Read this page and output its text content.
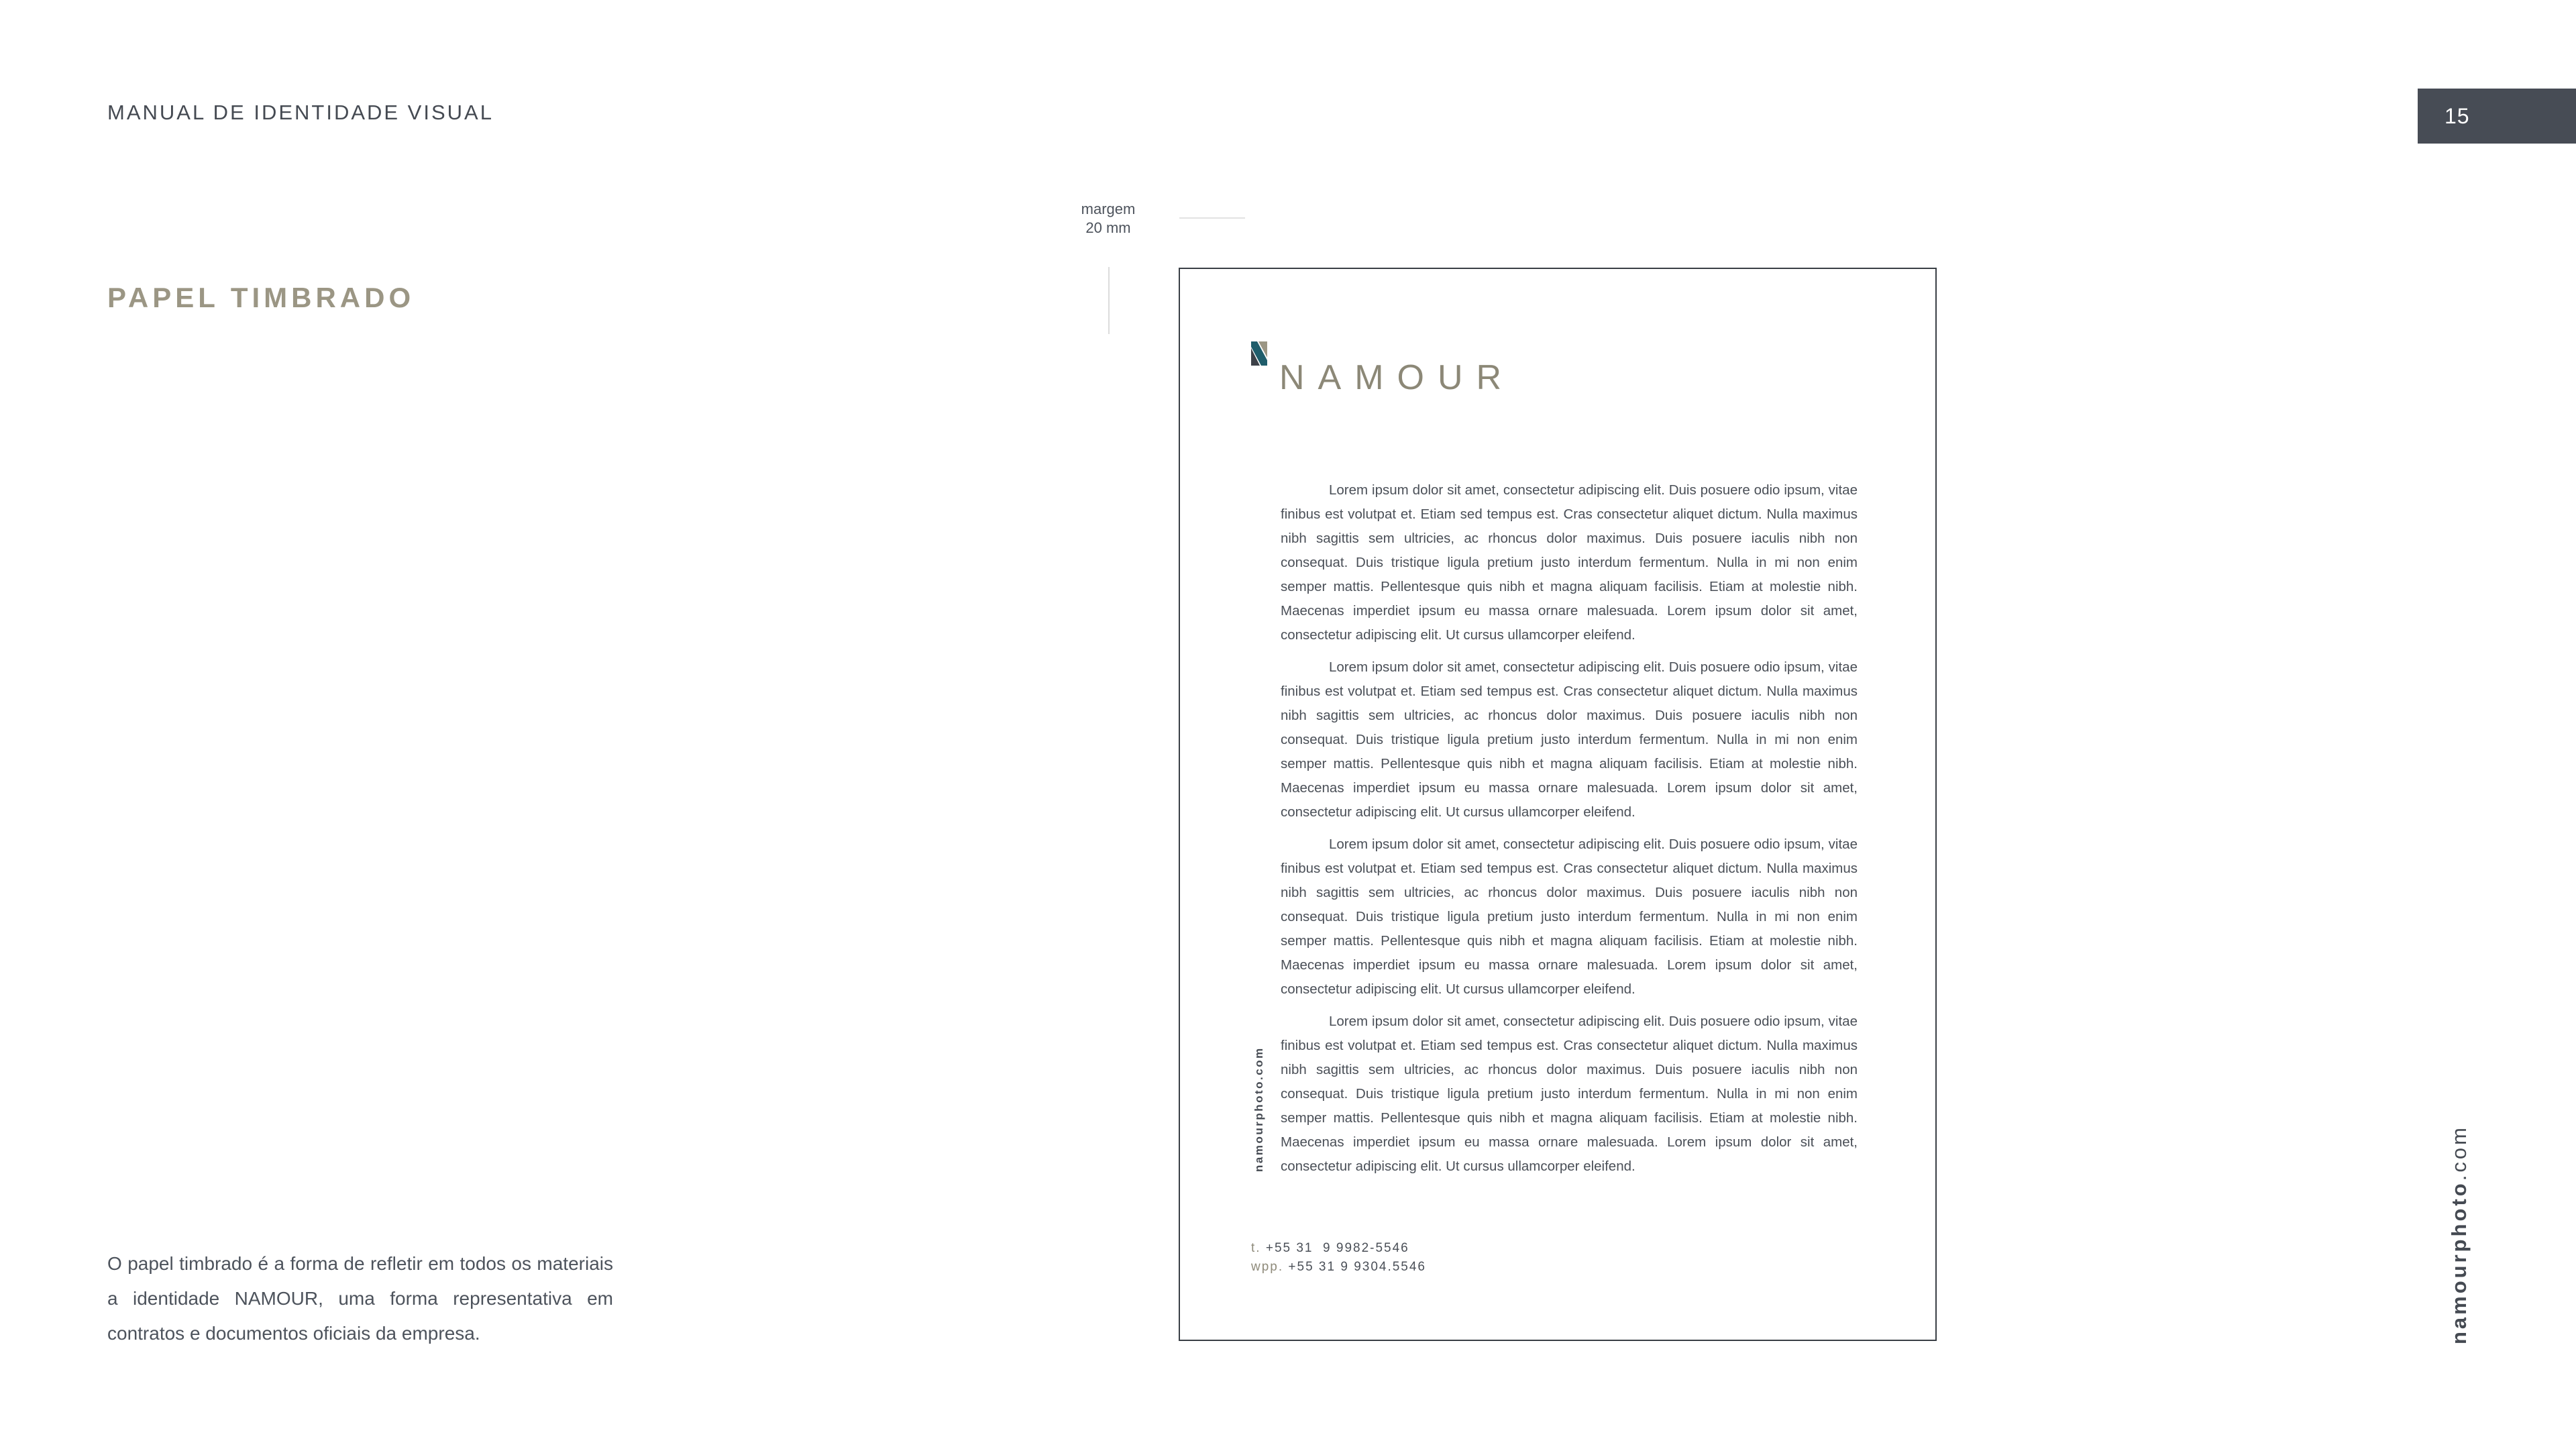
MANUAL DE IDENTIDADE VISUAL	15
PAPEL TIMBRADO
O papel timbrado é a forma de refletir em todos os materiais a identidade NAMOUR, uma forma representativa em contratos e documentos oficiais da empresa.
margem
20 mm
NAMOUR

Lorem ipsum dolor sit amet, consectetur adipiscing elit. Duis posuere odio ipsum, vitae finibus est volutpat et. Etiam sed tempus est. Cras consectetur aliquet dictum. Nulla maximus nibh sagittis sem ultricies, ac rhoncus dolor maximus. Duis posuere iaculis nibh non consequat. Duis tristique ligula pretium justo interdum fermentum. Nulla in mi non enim semper mattis. Pellentesque quis nibh et magna aliquam facilisis. Etiam at molestie nibh. Maecenas imperdiet ipsum eu massa ornare malesuada. Lorem ipsum dolor sit amet, consectetur adipiscing elit. Ut cursus ullamcorper eleifend.

Lorem ipsum dolor sit amet, consectetur adipiscing elit. Duis posuere odio ipsum, vitae finibus est volutpat et. Etiam sed tempus est. Cras consectetur aliquet dictum. Nulla maximus nibh sagittis sem ultricies, ac rhoncus dolor maximus. Duis posuere iaculis nibh non consequat. Duis tristique ligula pretium justo interdum fermentum. Nulla in mi non enim semper mattis. Pellentesque quis nibh et magna aliquam facilisis. Etiam at molestie nibh. Maecenas imperdiet ipsum eu massa ornare malesuada. Lorem ipsum dolor sit amet, consectetur adipiscing elit. Ut cursus ullamcorper eleifend.

Lorem ipsum dolor sit amet, consectetur adipiscing elit. Duis posuere odio ipsum, vitae finibus est volutpat et. Etiam sed tempus est. Cras consectetur aliquet dictum. Nulla maximus nibh sagittis sem ultricies, ac rhoncus dolor maximus. Duis posuere iaculis nibh non consequat. Duis tristique ligula pretium justo interdum fermentum. Nulla in mi non enim semper mattis. Pellentesque quis nibh et magna aliquam facilisis. Etiam at molestie nibh. Maecenas imperdiet ipsum eu massa ornare malesuada. Lorem ipsum dolor sit amet, consectetur adipiscing elit. Ut cursus ullamcorper eleifend.

Lorem ipsum dolor sit amet, consectetur adipiscing elit. Duis posuere odio ipsum, vitae finibus est volutpat et. Etiam sed tempus est. Cras consectetur aliquet dictum. Nulla maximus nibh sagittis sem ultricies, ac rhoncus dolor maximus. Duis posuere iaculis nibh non consequat. Duis tristique ligula pretium justo interdum fermentum. Nulla in mi non enim semper mattis. Pellentesque quis nibh et magna aliquam facilisis. Etiam at molestie nibh. Maecenas imperdiet ipsum eu massa ornare malesuada. Lorem ipsum dolor sit amet, consectetur adipiscing elit. Ut cursus ullamcorper eleifend.

namourphoto.com
t. +55 31  9 9982-5546
wpp. +55 31 9 9304.5546	namourphoto.com
